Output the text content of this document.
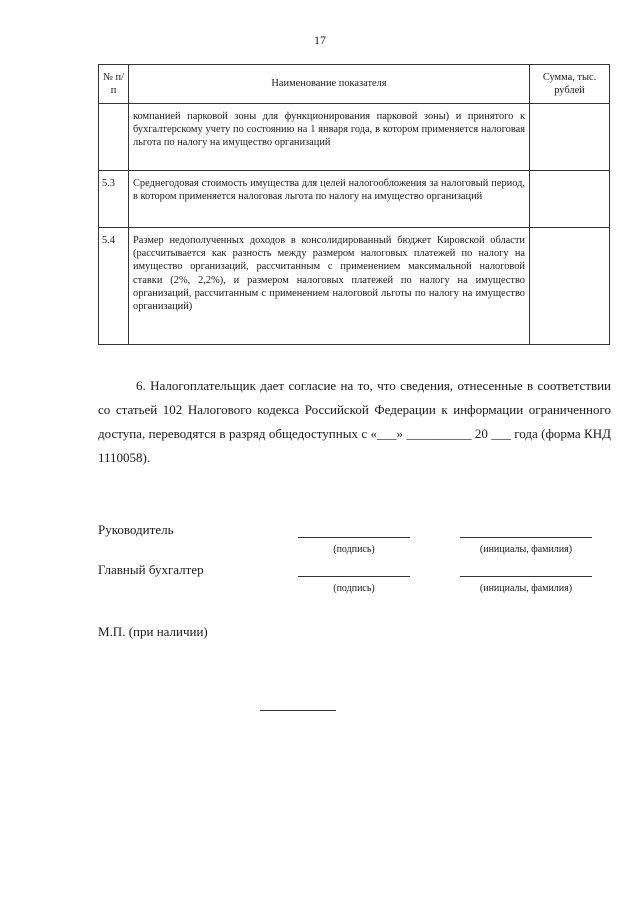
17
№ п/п	Наименование показателя	Сумма, тыс. рублей
	компанией парковой зоны для функционирования парковой зоны) и принятого к бухгалтерскому учету по состоянию на 1 января года, в котором применяется налоговая льгота по налогу на имущество организаций	
5.3	Среднегодовая стоимость имущества для целей налогообложения за налоговый период, в котором применяется налоговая льгота по налогу на имущество организаций	
5.4	Размер недополученных доходов в консолидированный бюджет Кировской области (рассчитывается как разность между размером налоговых платежей по налогу на имущество организаций, рассчитанным с применением максимальной налоговой ставки (2%, 2,2%), и размером налоговых платежей по налогу на имущество организаций, рассчитанным с применением налоговой льготы по налогу на имущество организаций)	

6. Налогоплательщик дает согласие на то, что сведения, отнесенные в соответствии со статьей 102 Налогового кодекса Российской Федерации к информации ограниченного доступа, переводятся в разряд общедоступных с «___» __________ 20 ___ года (форма КНД 1110058).

Руководитель
(подпись)	(инициалы, фамилия)
Главный бухгалтер
(подпись)	(инициалы, фамилия)
М.П. (при наличии)
